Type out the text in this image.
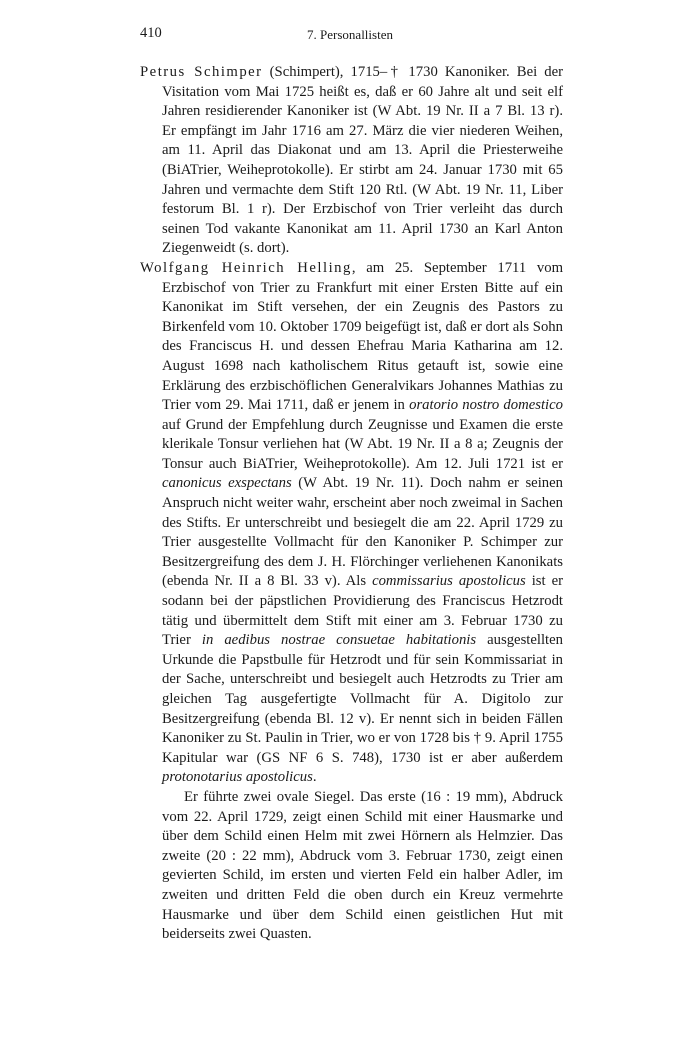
410	7. Personallisten

Petrus Schimper (Schimpert), 1715–† 1730 Kanoniker. Bei der Visitation vom Mai 1725 heißt es, daß er 60 Jahre alt und seit elf Jahren residierender Kanoniker ist (W Abt. 19 Nr. II a 7 Bl. 13 r). Er empfängt im Jahr 1716 am 27. März die vier niederen Weihen, am 11. April das Diakonat und am 13. April die Priesterweihe (BiATrier, Weiheprotokolle). Er stirbt am 24. Januar 1730 mit 65 Jahren und vermachte dem Stift 120 Rtl. (W Abt. 19 Nr. 11, Liber festorum Bl. 1 r). Der Erzbischof von Trier verleiht das durch seinen Tod vakante Kanonikat am 11. April 1730 an Karl Anton Ziegenweidt (s. dort).

Wolfgang Heinrich Helling, am 25. September 1711 vom Erzbischof von Trier zu Frankfurt mit einer Ersten Bitte auf ein Kanonikat im Stift versehen, der ein Zeugnis des Pastors zu Birkenfeld vom 10. Oktober 1709 beigefügt ist, daß er dort als Sohn des Franciscus H. und dessen Ehefrau Maria Katharina am 12. August 1698 nach katholischem Ritus getauft ist, sowie eine Erklärung des erzbischöflichen Generalvikars Johannes Mathias zu Trier vom 29. Mai 1711, daß er jenem in oratorio nostro domestico auf Grund der Empfehlung durch Zeugnisse und Examen die erste klerikale Tonsur verliehen hat (W Abt. 19 Nr. II a 8 a; Zeugnis der Tonsur auch BiATrier, Weiheprotokolle). Am 12. Juli 1721 ist er canonicus exspectans (W Abt. 19 Nr. 11). Doch nahm er seinen Anspruch nicht weiter wahr, erscheint aber noch zweimal in Sachen des Stifts. Er unterschreibt und besiegelt die am 22. April 1729 zu Trier ausgestellte Vollmacht für den Kanoniker P. Schimper zur Besitzergreifung des dem J. H. Flörchinger verliehenen Kanonikats (ebenda Nr. II a 8 Bl. 33 v). Als commissarius apostolicus ist er sodann bei der päpstlichen Providierung des Franciscus Hetzrodt tätig und übermittelt dem Stift mit einer am 3. Februar 1730 zu Trier in aedibus nostrae consuetae habitationis ausgestellten Urkunde die Papstbulle für Hetzrodt und für sein Kommissariat in der Sache, unterschreibt und besiegelt auch Hetzrodts zu Trier am gleichen Tag ausgefertigte Vollmacht für A. Digitolo zur Besitzergreifung (ebenda Bl. 12 v). Er nennt sich in beiden Fällen Kanoniker zu St. Paulin in Trier, wo er von 1728 bis † 9. April 1755 Kapitular war (GS NF 6 S. 748), 1730 ist er aber außerdem protonotarius apostolicus.

Er führte zwei ovale Siegel. Das erste (16 : 19 mm), Abdruck vom 22. April 1729, zeigt einen Schild mit einer Hausmarke und über dem Schild einen Helm mit zwei Hörnern als Helmzier. Das zweite (20 : 22 mm), Abdruck vom 3. Februar 1730, zeigt einen gevierten Schild, im ersten und vierten Feld ein halber Adler, im zweiten und dritten Feld die oben durch ein Kreuz vermehrte Hausmarke und über dem Schild einen geistlichen Hut mit beiderseits zwei Quasten.
